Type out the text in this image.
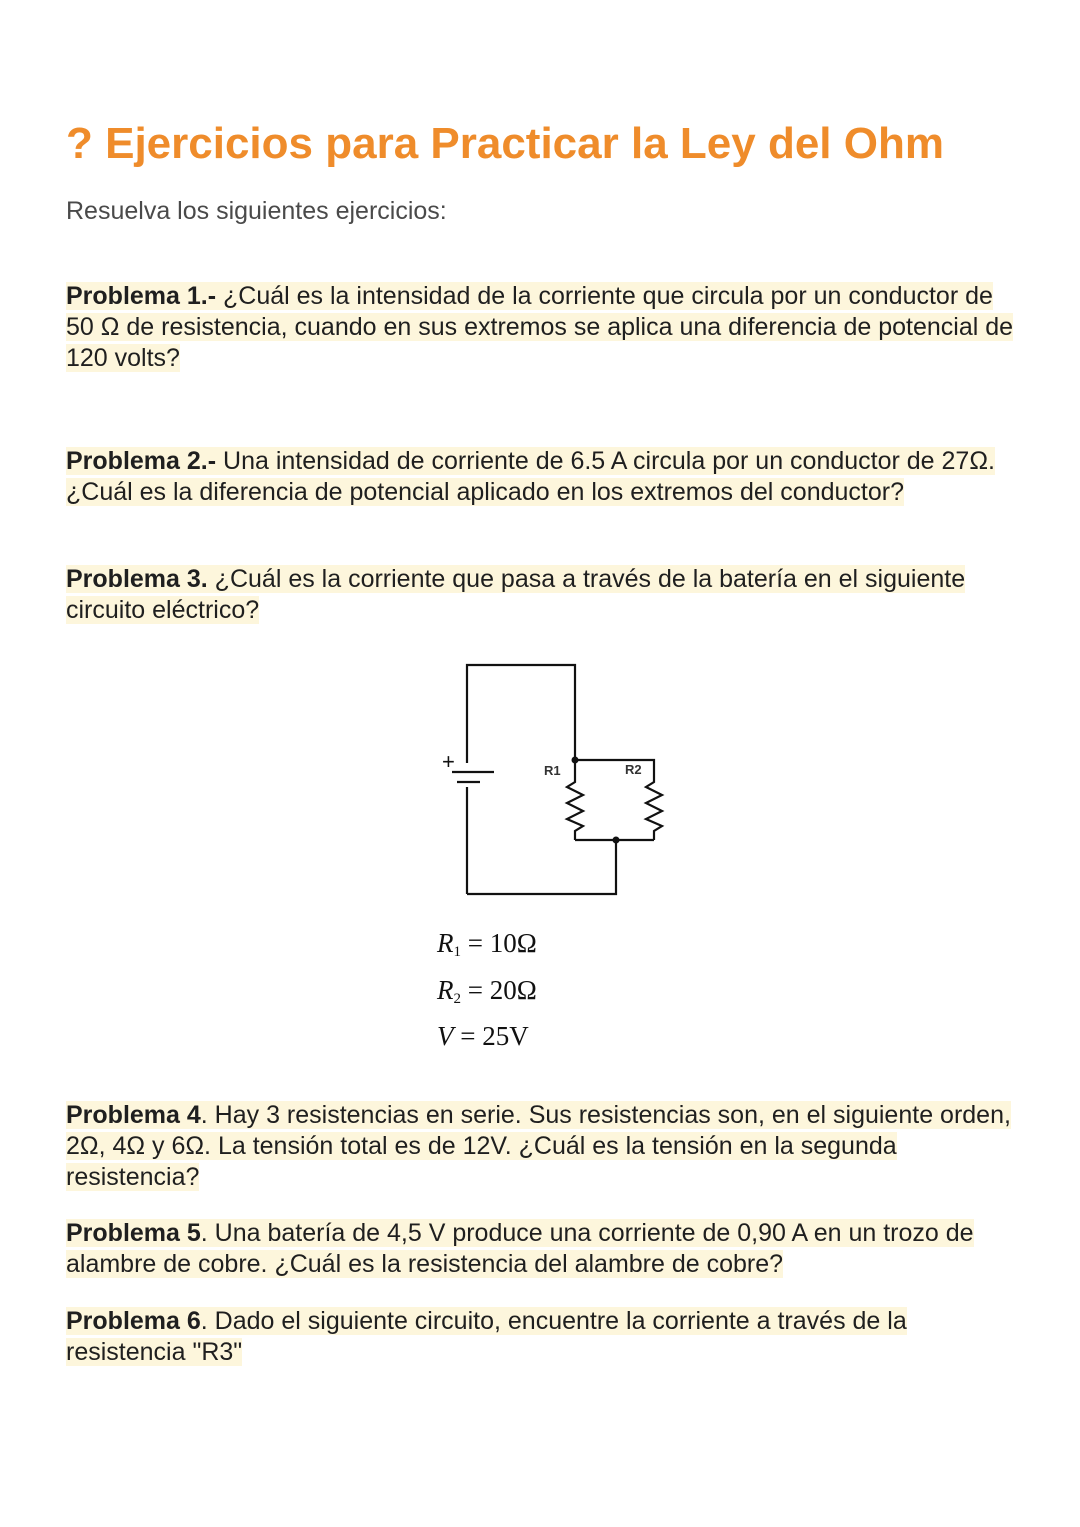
? Ejercicios para Practicar la Ley del Ohm

Resuelva los siguientes ejercicios:

Problema 1.- ¿Cuál es la intensidad de la corriente que circula por un conductor de 50 Ω de resistencia, cuando en sus extremos se aplica una diferencia de potencial de 120 volts?

Problema 2.- Una intensidad de corriente de 6.5 A circula por un conductor de 27Ω. ¿Cuál es la diferencia de potencial aplicado en los extremos del conductor?

Problema 3. ¿Cuál es la corriente que pasa a través de la batería en el siguiente circuito eléctrico?

+	R1	R2
$R_1 = 10\Omega$
$R_2 = 20\Omega$
V = 25V

Problema 4. Hay 3 resistencias en serie. Sus resistencias son, en el siguiente orden, 2Ω, 4Ω y 6Ω. La tensión total es de 12V. ¿Cuál es la tensión en la segunda resistencia?

Problema 5. Una batería de 4,5 V produce una corriente de 0,90 A en un trozo de alambre de cobre. ¿Cuál es la resistencia del alambre de cobre?

Problema 6. Dado el siguiente circuito, encuentre la corriente a través de la resistencia "R3"
